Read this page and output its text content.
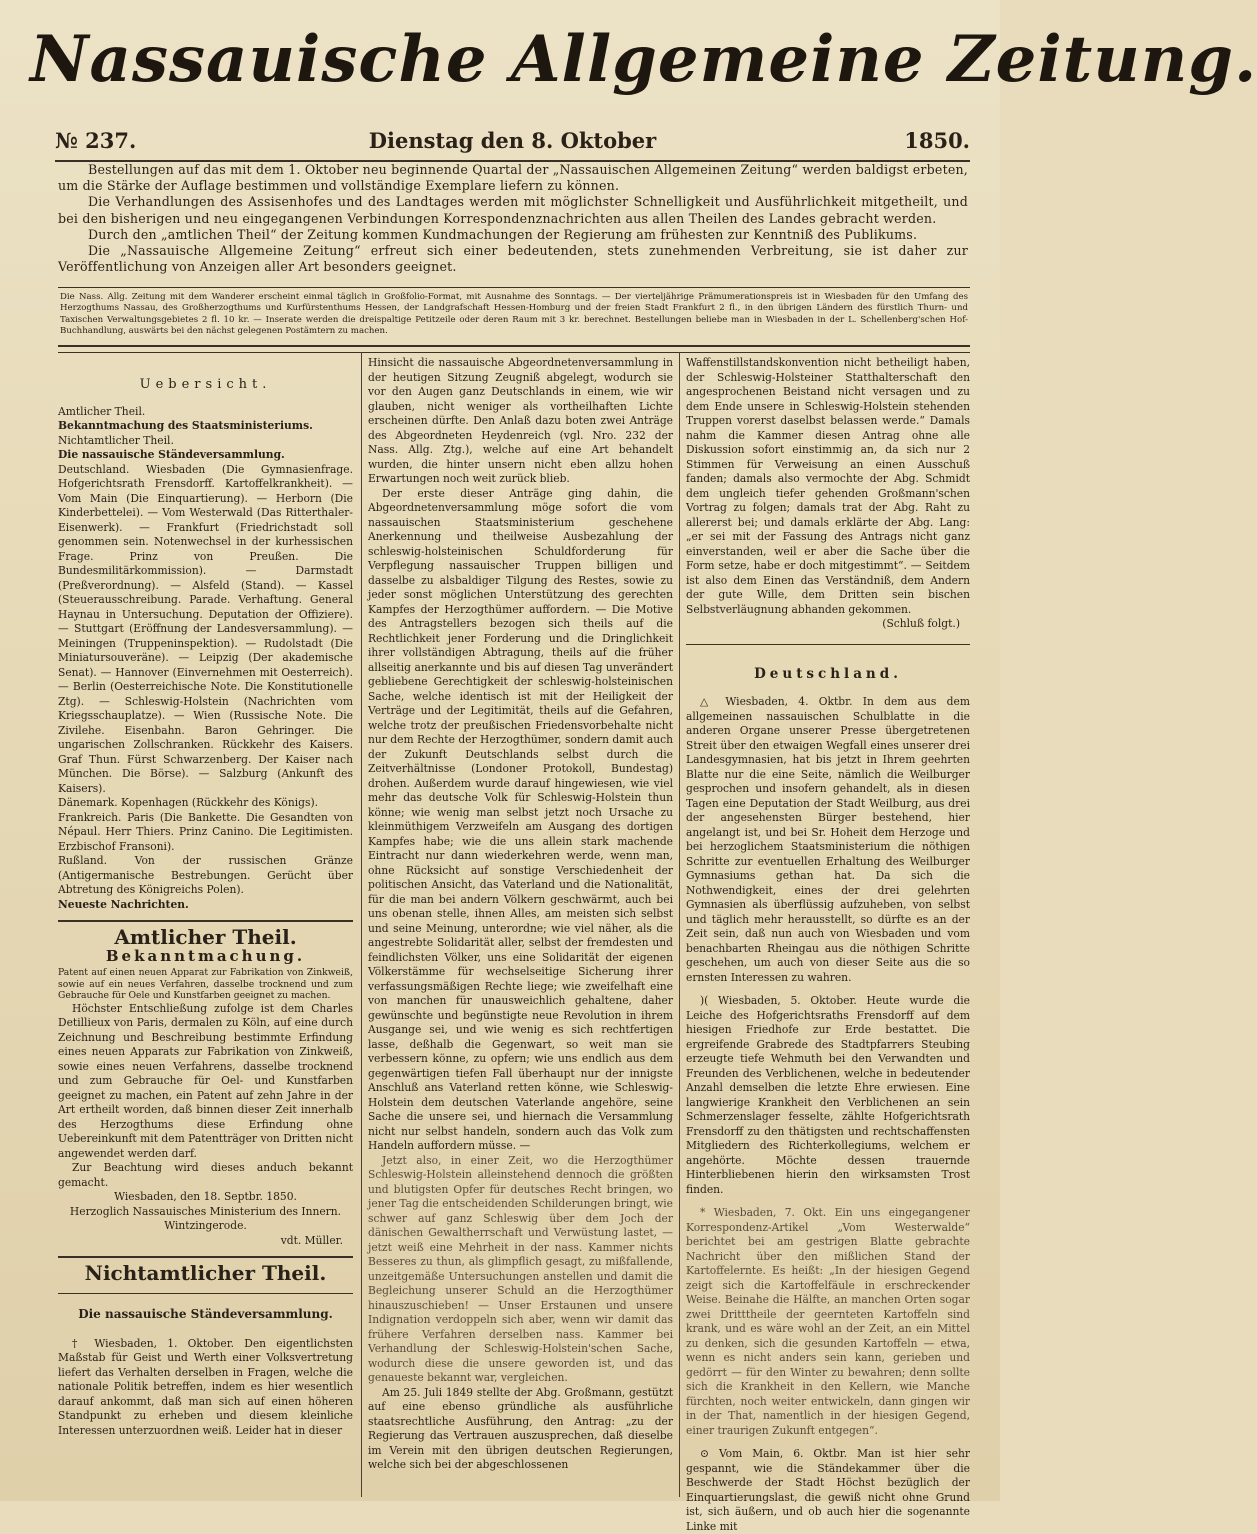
Nassauische Allgemeine Zeitung.
№ 237.	Dienstag den 8. Oktober	1850.

Bestellungen auf das mit dem 1. Oktober neu beginnende Quartal der „Nassauischen Allgemeinen Zeitung“ werden baldigst erbeten, um die Stärke der Auflage bestimmen und vollständige Exemplare liefern zu können.

Die Verhandlungen des Assisenhofes und des Landtages werden mit möglichster Schnelligkeit und Ausführlichkeit mitgetheilt, und bei den bisherigen und neu eingegangenen Verbindungen Korrespondenznachrichten aus allen Theilen des Landes gebracht werden.

Durch den „amtlichen Theil“ der Zeitung kommen Kundmachungen der Regierung am frühesten zur Kenntniß des Publikums.

Die „Nassauische Allgemeine Zeitung“ erfreut sich einer bedeutenden, stets zunehmenden Verbreitung, sie ist daher zur Veröffentlichung von Anzeigen aller Art besonders geeignet.

Die Nass. Allg. Zeitung mit dem Wanderer erscheint einmal täglich in Großfolio-Format, mit Ausnahme des Sonntags. — Der vierteljährige Prämumerationspreis ist in Wiesbaden für den Umfang des Herzogthums Nassau, des Großherzogthums und Kurfürstenthums Hessen, der Landgrafschaft Hessen-Homburg und der freien Stadt Frankfurt 2 fl., in den übrigen Ländern des fürstlich Thurn- und Taxischen Verwaltungsgebietes 2 fl. 10 kr. — Inserate werden die dreispaltige Petitzeile oder deren Raum mit 3 kr. berechnet. Bestellungen beliebe man in Wiesbaden in der L. Schellenberg'schen Hof-Buchhandlung, auswärts bei den nächst gelegenen Postämtern zu machen.
Uebersicht.

Amtlicher Theil.

Bekanntmachung des Staatsministeriums.

Nichtamtlicher Theil.

Die nassauische Ständeversammlung.

Deutschland. Wiesbaden (Die Gymnasienfrage. Hofgerichtsrath Frensdorff. Kartoffelkrankheit). — Vom Main (Die Einquartierung). — Herborn (Die Kinderbettelei). — Vom Westerwald (Das Ritterthaler-Eisenwerk). — Frankfurt (Friedrichstadt soll genommen sein. Notenwechsel in der kurhessischen Frage. Prinz von Preußen. Die Bundesmilitärkommission). — Darmstadt (Preßverordnung). — Alsfeld (Stand). — Kassel (Steuerausschreibung. Parade. Verhaftung. General Haynau in Untersuchung. Deputation der Offiziere). — Stuttgart (Eröffnung der Landesversammlung). — Meiningen (Truppeninspektion). — Rudolstadt (Die Miniatursouveräne). — Leipzig (Der akademische Senat). — Hannover (Einvernehmen mit Oesterreich). — Berlin (Oesterreichische Note. Die Konstitutionelle Ztg). — Schleswig-Holstein (Nachrichten vom Kriegsschauplatze). — Wien (Russische Note. Die Zivilehe. Eisenbahn. Baron Gehringer. Die ungarischen Zollschranken. Rückkehr des Kaisers. Graf Thun. Fürst Schwarzenberg. Der Kaiser nach München. Die Börse). — Salzburg (Ankunft des Kaisers).

Dänemark. Kopenhagen (Rückkehr des Königs).

Frankreich. Paris (Die Bankette. Die Gesandten von Népaul. Herr Thiers. Prinz Canino. Die Legitimisten. Erzbischof Fransoni).

Rußland. Von der russischen Gränze (Antigermanische Bestrebungen. Gerücht über Abtretung des Königreichs Polen).

Neueste Nachrichten.

Amtlicher Theil.
Bekanntmachung.

Patent auf einen neuen Apparat zur Fabrikation von Zinkweiß, sowie auf ein neues Verfahren, dasselbe trocknend und zum Gebrauche für Oele und Kunstfarben geeignet zu machen.

Höchster Entschließung zufolge ist dem Charles Detillieux von Paris, dermalen zu Köln, auf eine durch Zeichnung und Beschreibung bestimmte Erfindung eines neuen Apparats zur Fabrikation von Zinkweiß, sowie eines neuen Verfahrens, dasselbe trocknend und zum Gebrauche für Oel- und Kunstfarben geeignet zu machen, ein Patent auf zehn Jahre in der Art ertheilt worden, daß binnen dieser Zeit innerhalb des Herzogthums diese Erfindung ohne Uebereinkunft mit dem Patentträger von Dritten nicht angewendet werden darf.

Zur Beachtung wird dieses anduch bekannt gemacht.

Wiesbaden, den 18. Septbr. 1850.

Herzoglich Nassauisches Ministerium des Innern.

Wintzingerode.

vdt. Müller.

Nichtamtlicher Theil.
Die nassauische Ständeversammlung.

† Wiesbaden, 1. Oktober. Den eigentlichsten Maßstab für Geist und Werth einer Volksvertretung liefert das Verhalten derselben in Fragen, welche die nationale Politik betreffen, indem es hier wesentlich darauf ankommt, daß man sich auf einen höheren Standpunkt zu erheben und diesem kleinliche Interessen unterzuordnen weiß. Leider hat in dieser

Hinsicht die nassauische Abgeordnetenversammlung in der heutigen Sitzung Zeugniß abgelegt, wodurch sie vor den Augen ganz Deutschlands in einem, wie wir glauben, nicht weniger als vortheilhaften Lichte erscheinen dürfte. Den Anlaß dazu boten zwei Anträge des Abgeordneten Heydenreich (vgl. Nro. 232 der Nass. Allg. Ztg.), welche auf eine Art behandelt wurden, die hinter unsern nicht eben allzu hohen Erwartungen noch weit zurück blieb.

Der erste dieser Anträge ging dahin, die Abgeordnetenversammlung möge sofort die vom nassauischen Staatsministerium geschehene Anerkennung und theilweise Ausbezahlung der schleswig-holsteinischen Schuldforderung für Verpflegung nassauischer Truppen billigen und dasselbe zu alsbaldiger Tilgung des Restes, sowie zu jeder sonst möglichen Unterstützung des gerechten Kampfes der Herzogthümer auffordern. — Die Motive des Antragstellers bezogen sich theils auf die Rechtlichkeit jener Forderung und die Dringlichkeit ihrer vollständigen Abtragung, theils auf die früher allseitig anerkannte und bis auf diesen Tag unverändert gebliebene Gerechtigkeit der schleswig-holsteinischen Sache, welche identisch ist mit der Heiligkeit der Verträge und der Legitimität, theils auf die Gefahren, welche trotz der preußischen Friedensvorbehalte nicht nur dem Rechte der Herzogthümer, sondern damit auch der Zukunft Deutschlands selbst durch die Zeitverhältnisse (Londoner Protokoll, Bundestag) drohen. Außerdem wurde darauf hingewiesen, wie viel mehr das deutsche Volk für Schleswig-Holstein thun könne; wie wenig man selbst jetzt noch Ursache zu kleinmüthigem Verzweifeln am Ausgang des dortigen Kampfes habe; wie die uns allein stark machende Eintracht nur dann wiederkehren werde, wenn man, ohne Rücksicht auf sonstige Verschiedenheit der politischen Ansicht, das Vaterland und die Nationalität, für die man bei andern Völkern geschwärmt, auch bei uns obenan stelle, ihnen Alles, am meisten sich selbst und seine Meinung, unterordne; wie viel näher, als die angestrebte Solidarität aller, selbst der fremdesten und feindlichsten Völker, uns eine Solidarität der eigenen Völkerstämme für wechselseitige Sicherung ihrer verfassungsmäßigen Rechte liege; wie zweifelhaft eine von manchen für unausweichlich gehaltene, daher gewünschte und begünstigte neue Revolution in ihrem Ausgange sei, und wie wenig es sich rechtfertigen lasse, deßhalb die Gegenwart, so weit man sie verbessern könne, zu opfern; wie uns endlich aus dem gegenwärtigen tiefen Fall überhaupt nur der innigste Anschluß ans Vaterland retten könne, wie Schleswig-Holstein dem deutschen Vaterlande angehöre, seine Sache die unsere sei, und hiernach die Versammlung nicht nur selbst handeln, sondern auch das Volk zum Handeln auffordern müsse. —

Jetzt also, in einer Zeit, wo die Herzogthümer Schleswig-Holstein alleinstehend dennoch die größten und blutigsten Opfer für deutsches Recht bringen, wo jener Tag die entscheidenden Schilderungen bringt, wie schwer auf ganz Schleswig über dem Joch der dänischen Gewaltherrschaft und Verwüstung lastet, — jetzt weiß eine Mehrheit in der nass. Kammer nichts Besseres zu thun, als glimpflich gesagt, zu mißfallende, unzeitgemäße Untersuchungen anstellen und damit die Begleichung unserer Schuld an die Herzogthümer hinauszuschieben! — Unser Erstaunen und unsere Indignation verdoppeln sich aber, wenn wir damit das frühere Verfahren derselben nass. Kammer bei Verhandlung der Schleswig-Holstein'schen Sache, wodurch diese die unsere geworden ist, und das genaueste bekannt war, vergleichen.

Am 25. Juli 1849 stellte der Abg. Großmann, gestützt auf eine ebenso gründliche als ausführliche staatsrechtliche Ausführung, den Antrag: „zu der Regierung das Vertrauen auszusprechen, daß dieselbe im Verein mit den übrigen deutschen Regierungen, welche sich bei der abgeschlossenen

Waffenstillstandskonvention nicht betheiligt haben, der Schleswig-Holsteiner Statthalterschaft den angesprochenen Beistand nicht versagen und zu dem Ende unsere in Schleswig-Holstein stehenden Truppen vorerst daselbst belassen werde.“ Damals nahm die Kammer diesen Antrag ohne alle Diskussion sofort einstimmig an, da sich nur 2 Stimmen für Verweisung an einen Ausschuß fanden; damals also vermochte der Abg. Schmidt dem ungleich tiefer gehenden Großmann'schen Vortrag zu folgen; damals trat der Abg. Raht zu allererst bei; und damals erklärte der Abg. Lang: „er sei mit der Fassung des Antrags nicht ganz einverstanden, weil er aber die Sache über die Form setze, habe er doch mitgestimmt“. — Seitdem ist also dem Einen das Verständniß, dem Andern der gute Wille, dem Dritten sein bischen Selbstverläugnung abhanden gekommen.

(Schluß folgt.)

Deutschland.

△ Wiesbaden, 4. Oktbr. In dem aus dem allgemeinen nassauischen Schulblatte in die anderen Organe unserer Presse übergetretenen Streit über den etwaigen Wegfall eines unserer drei Landesgymnasien, hat bis jetzt in Ihrem geehrten Blatte nur die eine Seite, nämlich die Weilburger gesprochen und insofern gehandelt, als in diesen Tagen eine Deputation der Stadt Weilburg, aus drei der angesehensten Bürger bestehend, hier angelangt ist, und bei Sr. Hoheit dem Herzoge und bei herzoglichem Staatsministerium die nöthigen Schritte zur eventuellen Erhaltung des Weilburger Gymnasiums gethan hat. Da sich die Nothwendigkeit, eines der drei gelehrten Gymnasien als überflüssig aufzuheben, von selbst und täglich mehr herausstellt, so dürfte es an der Zeit sein, daß nun auch von Wiesbaden und vom benachbarten Rheingau aus die nöthigen Schritte geschehen, um auch von dieser Seite aus die so ernsten Interessen zu wahren.

)( Wiesbaden, 5. Oktober. Heute wurde die Leiche des Hofgerichtsraths Frensdorff auf dem hiesigen Friedhofe zur Erde bestattet. Die ergreifende Grabrede des Stadtpfarrers Steubing erzeugte tiefe Wehmuth bei den Verwandten und Freunden des Verblichenen, welche in bedeutender Anzahl demselben die letzte Ehre erwiesen. Eine langwierige Krankheit den Verblichenen an sein Schmerzenslager fesselte, zählte Hofgerichtsrath Frensdorff zu den thätigsten und rechtschaffensten Mitgliedern des Richterkollegiums, welchem er angehörte. Möchte dessen trauernde Hinterbliebenen hierin den wirksamsten Trost finden.

* Wiesbaden, 7. Okt. Ein uns eingegangener Korrespondenz-Artikel „Vom Westerwalde“ berichtet bei am gestrigen Blatte gebrachte Nachricht über den mißlichen Stand der Kartoffelernte. Es heißt: „In der hiesigen Gegend zeigt sich die Kartoffelfäule in erschreckender Weise. Beinahe die Hälfte, an manchen Orten sogar zwei Dritttheile der geernteten Kartoffeln sind krank, und es wäre wohl an der Zeit, an ein Mittel zu denken, sich die gesunden Kartoffeln — etwa, wenn es nicht anders sein kann, gerieben und gedörrt — für den Winter zu bewahren; denn sollte sich die Krankheit in den Kellern, wie Manche fürchten, noch weiter entwickeln, dann gingen wir in der That, namentlich in der hiesigen Gegend, einer traurigen Zukunft entgegen“.

⊙ Vom Main, 6. Oktbr. Man ist hier sehr gespannt, wie die Ständekammer über die Beschwerde der Stadt Höchst bezüglich der Einquartierungslast, die gewiß nicht ohne Grund ist, sich äußern, und ob auch hier die sogenannte Linke mit
